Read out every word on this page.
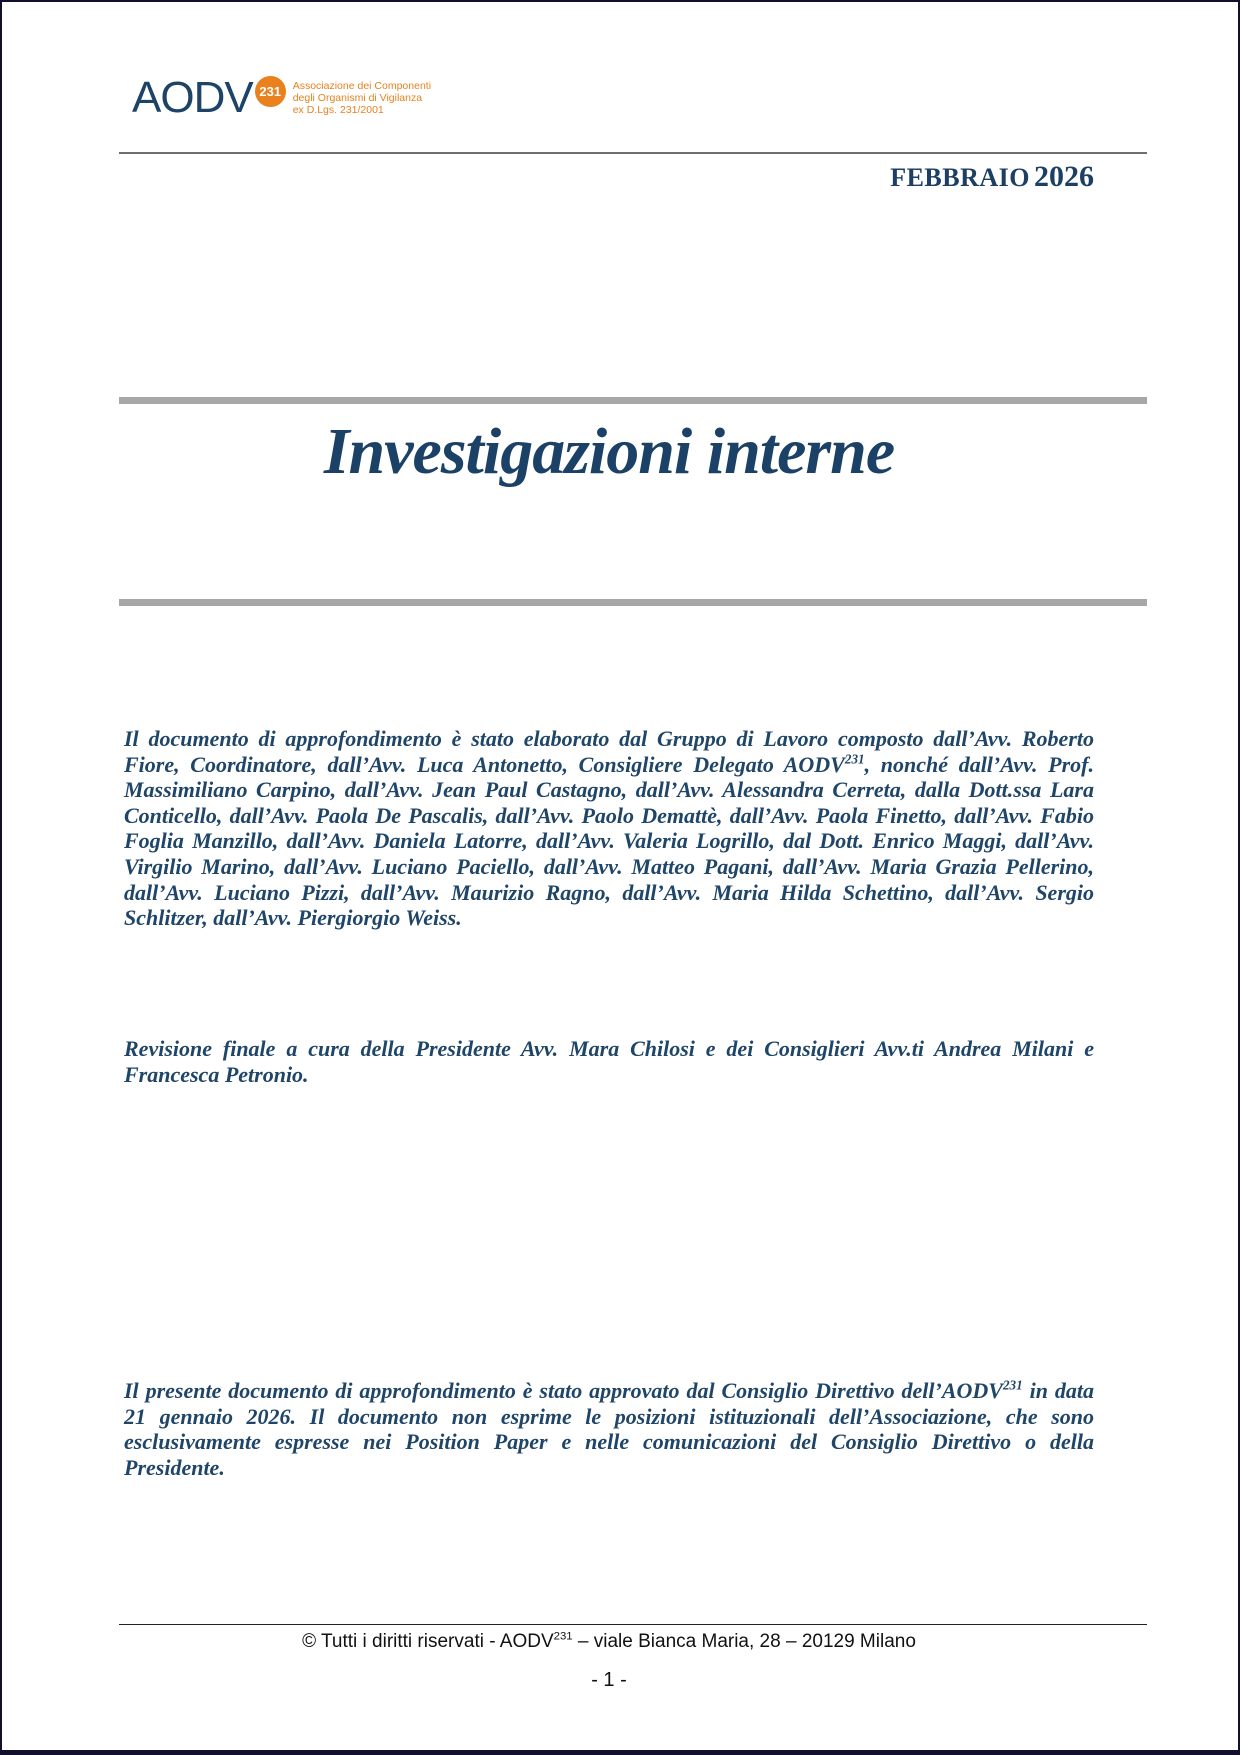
AODV 231	Associazione dei Componenti
degli Organismi di Vigilanza
ex D.Lgs. 231/2001
FEBBRAIO 2026
Investigazioni interne

Il documento di approfondimento è stato elaborato dal Gruppo di Lavoro composto dall’Avv. Roberto Fiore, Coordinatore, dall’Avv. Luca Antonetto, Consigliere Delegato AODV$^{231}$, nonché dall’Avv. Prof. Massimiliano Carpino, dall’Avv. Jean Paul Castagno, dall’Avv. Alessandra Cerreta, dalla Dott.ssa Lara Conticello, dall’Avv. Paola De Pascalis, dall’Avv. Paolo Demattè, dall’Avv. Paola Finetto, dall’Avv. Fabio Foglia Manzillo, dall’Avv. Daniela Latorre, dall’Avv. Valeria Logrillo, dal Dott. Enrico Maggi, dall’Avv. Virgilio Marino, dall’Avv. Luciano Paciello, dall’Avv. Matteo Pagani, dall’Avv. Maria Grazia Pellerino, dall’Avv. Luciano Pizzi, dall’Avv. Maurizio Ragno, dall’Avv. Maria Hilda Schettino, dall’Avv. Sergio Schlitzer, dall’Avv. Piergiorgio Weiss.

Revisione finale a cura della Presidente Avv. Mara Chilosi e dei Consiglieri Avv.ti Andrea Milani e Francesca Petronio.

Il presente documento di approfondimento è stato approvato dal Consiglio Direttivo dell’AODV$^{231}$ in data 21 gennaio 2026. Il documento non esprime le posizioni istituzionali dell’Associazione, che sono esclusivamente espresse nei Position Paper e nelle comunicazioni del Consiglio Direttivo o della Presidente.

© Tutti i diritti riservati - AODV$^{231}$ – viale Bianca Maria, 28 – 20129 Milano
- 1 -
